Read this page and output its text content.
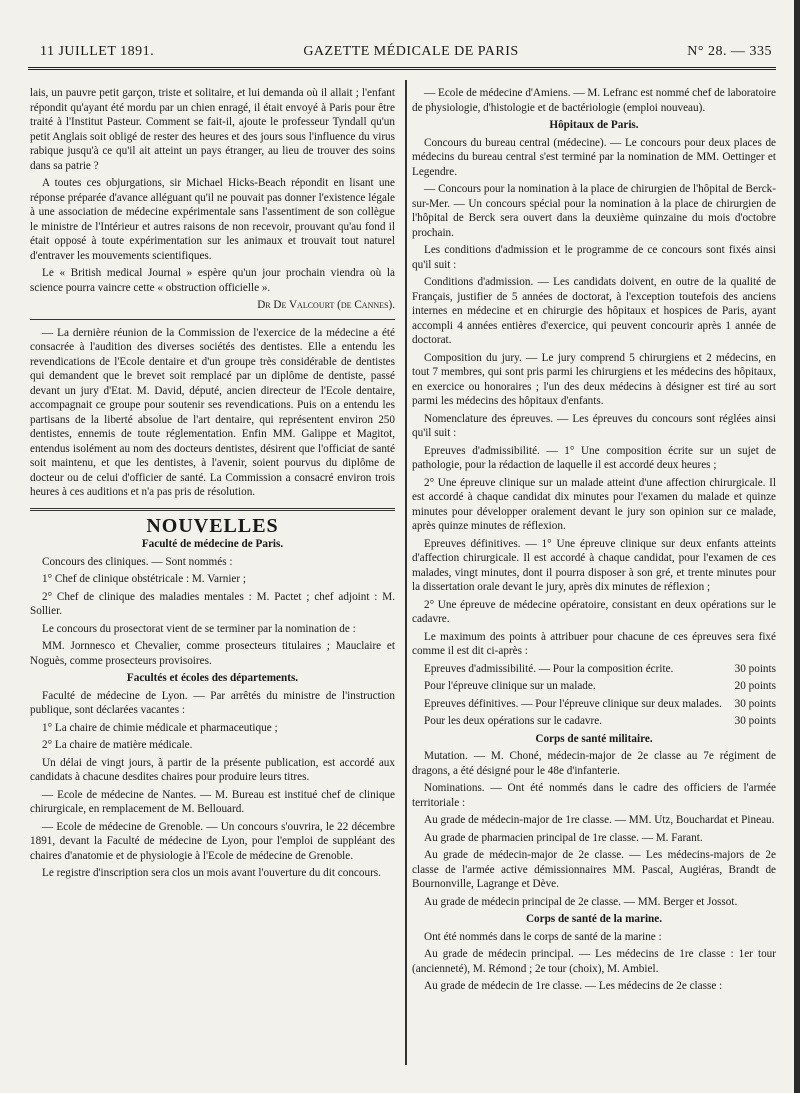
11 JUILLET 1891.	GAZETTE MÉDICALE DE PARIS	N° 28. — 335

lais, un pauvre petit garçon, triste et solitaire, et lui demanda où il allait ; l'enfant répondit qu'ayant été mordu par un chien enragé, il était envoyé à Paris pour être traité à l'Institut Pasteur. Comment se fait-il, ajoute le professeur Tyndall qu'un petit Anglais soit obligé de rester des heures et des jours sous l'influence du virus rabique jusqu'à ce qu'il ait atteint un pays étranger, au lieu de trouver des soins dans sa patrie ?

A toutes ces objurgations, sir Michael Hicks-Beach répondit en lisant une réponse préparée d'avance alléguant qu'il ne pouvait pas donner l'existence légale à une association de médecine expérimentale sans l'assentiment de son collègue le ministre de l'Intérieur et autres raisons de non recevoir, prouvant qu'au fond il était opposé à toute expérimentation sur les animaux et trouvait tout naturel d'entraver les mouvements scientifiques.

Le « British medical Journal » espère qu'un jour prochain viendra où la science pourra vaincre cette « obstruction officielle ».

Dr De Valcourt (de Cannes).

— La dernière réunion de la Commission de l'exercice de la médecine a été consacrée à l'audition des diverses sociétés des dentistes. Elle a entendu les revendications de l'Ecole dentaire et d'un groupe très considérable de dentistes qui demandent que le brevet soit remplacé par un diplôme de dentiste, passé devant un jury d'Etat. M. David, député, ancien directeur de l'Ecole dentaire, accompagnait ce groupe pour soutenir ses revendications. Puis on a entendu les partisans de la liberté absolue de l'art dentaire, qui représentent environ 250 dentistes, ennemis de toute réglementation. Enfin MM. Galippe et Magitot, entendus isolément au nom des docteurs dentistes, désirent que l'officiat de santé soit maintenu, et que les dentistes, à l'avenir, soient pourvus du diplôme de docteur ou de celui d'officier de santé. La Commission a consacré environ trois heures à ces auditions et n'a pas pris de résolution.

NOUVELLES

Faculté de médecine de Paris.

Concours des cliniques. — Sont nommés :

1° Chef de clinique obstétricale : M. Varnier ;

2° Chef de clinique des maladies mentales : M. Pactet ; chef adjoint : M. Sollier.

Le concours du prosectorat vient de se terminer par la nomination de :

MM. Jornnesco et Chevalier, comme prosecteurs titulaires ; Mauclaire et Noguès, comme prosecteurs provisoires.

Facultés et écoles des départements.

Faculté de médecine de Lyon. — Par arrêtés du ministre de l'instruction publique, sont déclarées vacantes :

1° La chaire de chimie médicale et pharmaceutique ;

2° La chaire de matière médicale.

Un délai de vingt jours, à partir de la présente publication, est accordé aux candidats à chacune desdites chaires pour produire leurs titres.

— Ecole de médecine de Nantes. — M. Bureau est institué chef de clinique chirurgicale, en remplacement de M. Bellouard.

— Ecole de médecine de Grenoble. — Un concours s'ouvrira, le 22 décembre 1891, devant la Faculté de médecine de Lyon, pour l'emploi de suppléant des chaires d'anatomie et de physiologie à l'Ecole de médecine de Grenoble.

Le registre d'inscription sera clos un mois avant l'ouverture du dit concours.

— Ecole de médecine d'Amiens. — M. Lefranc est nommé chef de laboratoire de physiologie, d'histologie et de bactériologie (emploi nouveau).

Hôpitaux de Paris.

Concours du bureau central (médecine). — Le concours pour deux places de médecins du bureau central s'est terminé par la nomination de MM. Oettinger et Legendre.

— Concours pour la nomination à la place de chirurgien de l'hôpital de Berck-sur-Mer. — Un concours spécial pour la nomination à la place de chirurgien de l'hôpital de Berck sera ouvert dans la deuxième quinzaine du mois d'octobre prochain.

Les conditions d'admission et le programme de ce concours sont fixés ainsi qu'il suit :

Conditions d'admission. — Les candidats doivent, en outre de la qualité de Français, justifier de 5 années de doctorat, à l'exception toutefois des anciens internes en médecine et en chirurgie des hôpitaux et hospices de Paris, ayant accompli 4 années entières d'exercice, qui peuvent concourir après 1 année de doctorat.

Composition du jury. — Le jury comprend 5 chirurgiens et 2 médecins, en tout 7 membres, qui sont pris parmi les chirurgiens et les médecins des hôpitaux, en exercice ou honoraires ; l'un des deux médecins à désigner est tiré au sort parmi les médecins des hôpitaux d'enfants.

Nomenclature des épreuves. — Les épreuves du concours sont réglées ainsi qu'il suit :

Epreuves d'admissibilité. — 1° Une composition écrite sur un sujet de pathologie, pour la rédaction de laquelle il est accordé deux heures ;

2° Une épreuve clinique sur un malade atteint d'une affection chirurgicale. Il est accordé à chaque candidat dix minutes pour l'examen du malade et quinze minutes pour développer oralement devant le jury son opinion sur ce malade, après quinze minutes de réflexion.

Epreuves définitives. — 1° Une épreuve clinique sur deux enfants atteints d'affection chirurgicale. Il est accordé à chaque candidat, pour l'examen de ces malades, vingt minutes, dont il pourra disposer à son gré, et trente minutes pour la dissertation orale devant le jury, après dix minutes de réflexion ;

2° Une épreuve de médecine opératoire, consistant en deux opérations sur le cadavre.

Le maximum des points à attribuer pour chacune de ces épreuves sera fixé comme il est dit ci-après :

Epreuves d'admissibilité. — Pour la composition écrite.	30 points

Pour l'épreuve clinique sur un malade.	20 points

Epreuves définitives. — Pour l'épreuve clinique sur deux malades.	30 points

Pour les deux opérations sur le cadavre.	30 points

Corps de santé militaire.

Mutation. — M. Choné, médecin-major de 2e classe au 7e régiment de dragons, a été désigné pour le 48e d'infanterie.

Nominations. — Ont été nommés dans le cadre des officiers de l'armée territoriale :

Au grade de médecin-major de 1re classe. — MM. Utz, Bouchardat et Pineau.

Au grade de pharmacien principal de 1re classe. — M. Farant.

Au grade de médecin-major de 2e classe. — Les médecins-majors de 2e classe de l'armée active démissionnaires MM. Pascal, Augiéras, Brandt de Bournonville, Lagrange et Dève.

Au grade de médecin principal de 2e classe. — MM. Berger et Jossot.

Corps de santé de la marine.

Ont été nommés dans le corps de santé de la marine :

Au grade de médecin principal. — Les médecins de 1re classe : 1er tour (ancienneté), M. Rémond ; 2e tour (choix), M. Ambiel.

Au grade de médecin de 1re classe. — Les médecins de 2e classe :
